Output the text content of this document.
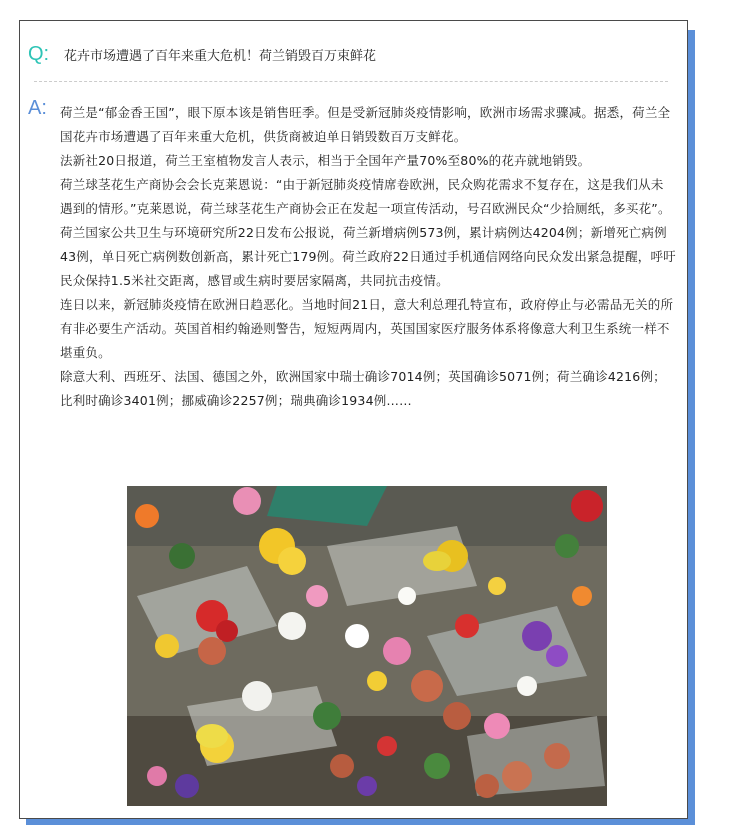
Q:	花卉市场遭遇了百年来重大危机！荷兰销毁百万束鲜花
A: 荷兰是“郁金香王国”，眼下原本该是销售旺季。但是受新冠肺炎疫情影响，欧洲市场需求骤减。据悉，荷兰全国花卉市场遭遇了百年来重大危机，供货商被迫单日销毁数百万支鲜花。

法新社20日报道，荷兰王室植物发言人表示，相当于全国年产量70%至80%的花卉就地销毁。

荷兰球茎花生产商协会会长克莱恩说：“由于新冠肺炎疫情席卷欧洲，民众购花需求不复存在，这是我们从未遇到的情形。”克莱恩说，荷兰球茎花生产商协会正在发起一项宣传活动，号召欧洲民众“少拾厕纸，多买花”。

荷兰国家公共卫生与环境研究所22日发布公报说，荷兰新增病例573例，累计病例达4204例；新增死亡病例43例，单日死亡病例数创新高，累计死亡179例。荷兰政府22日通过手机通信网络向民众发出紧急提醒，呼吁民众保持1.5米社交距离，感冒或生病时要居家隔离，共同抗击疫情。

连日以来，新冠肺炎疫情在欧洲日趋恶化。当地时间21日，意大利总理孔特宣布，政府停止与必需品无关的所有非必要生产活动。英国首相约翰逊则警告，短短两周内，英国国家医疗服务体系将像意大利卫生系统一样不堪重负。

除意大利、西班牙、法国、德国之外，欧洲国家中瑞士确诊7014例；英国确诊5071例；荷兰确诊4216例；比利时确诊3401例；挪威确诊2257例；瑞典确诊1934例……
